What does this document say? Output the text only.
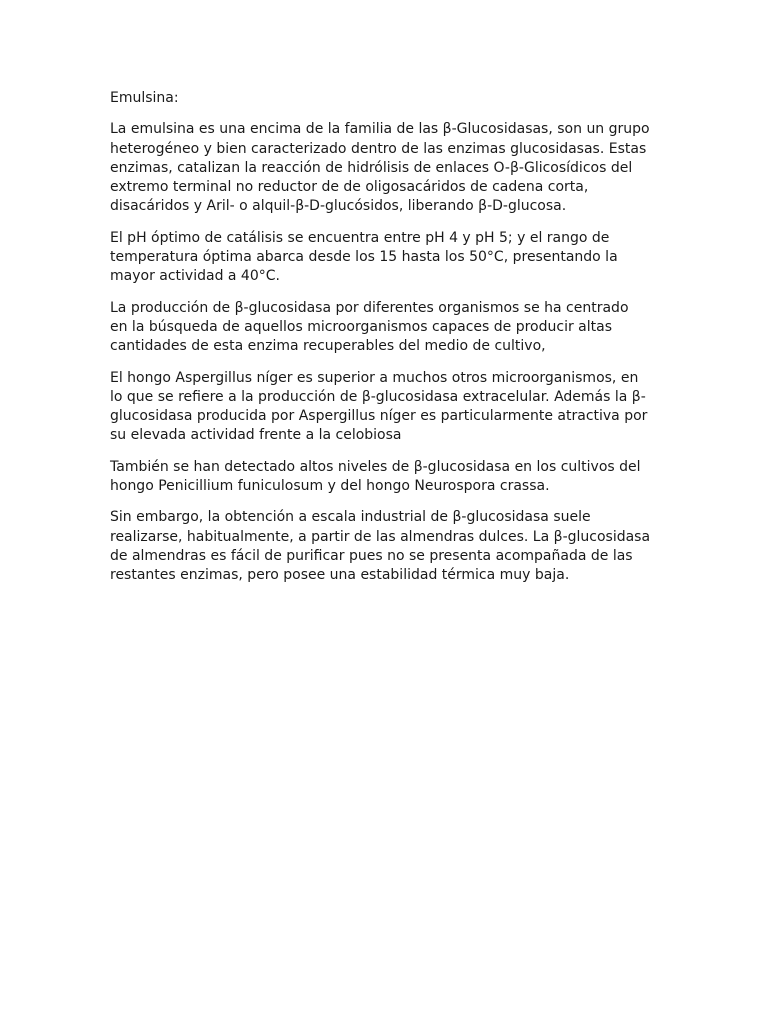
Emulsina:
La emulsina es una encima de la familia de las β-Glucosidasas, son un grupo
heterogéneo y bien caracterizado dentro de las enzimas glucosidasas. Estas
enzimas, catalizan la reacción de hidrólisis de enlaces O-β-Glicosídicos del
extremo terminal no reductor de de oligosacáridos de cadena corta,
disacáridos y Aril- o alquil-β-D-glucósidos, liberando β-D-glucosa.
El pH óptimo de catálisis se encuentra entre pH 4 y pH 5; y el rango de
temperatura óptima abarca desde los 15 hasta los 50°C, presentando la
mayor actividad a 40°C.
La producción de β-glucosidasa por diferentes organismos se ha centrado
en la búsqueda de aquellos microorganismos capaces de producir altas
cantidades de esta enzima recuperables del medio de cultivo,
El hongo Aspergillus níger es superior a muchos otros microorganismos, en
lo que se refiere a la producción de β-glucosidasa extracelular. Además la β-
glucosidasa producida por Aspergillus níger es particularmente atractiva por
su elevada actividad frente a la celobiosa
También se han detectado altos niveles de β-glucosidasa en los cultivos del
hongo Penicillium funiculosum y del hongo Neurospora crassa.
Sin embargo, la obtención a escala industrial de β-glucosidasa suele
realizarse, habitualmente, a partir de las almendras dulces. La β-glucosidasa
de almendras es fácil de purificar pues no se presenta acompañada de las
restantes enzimas, pero posee una estabilidad térmica muy baja.
